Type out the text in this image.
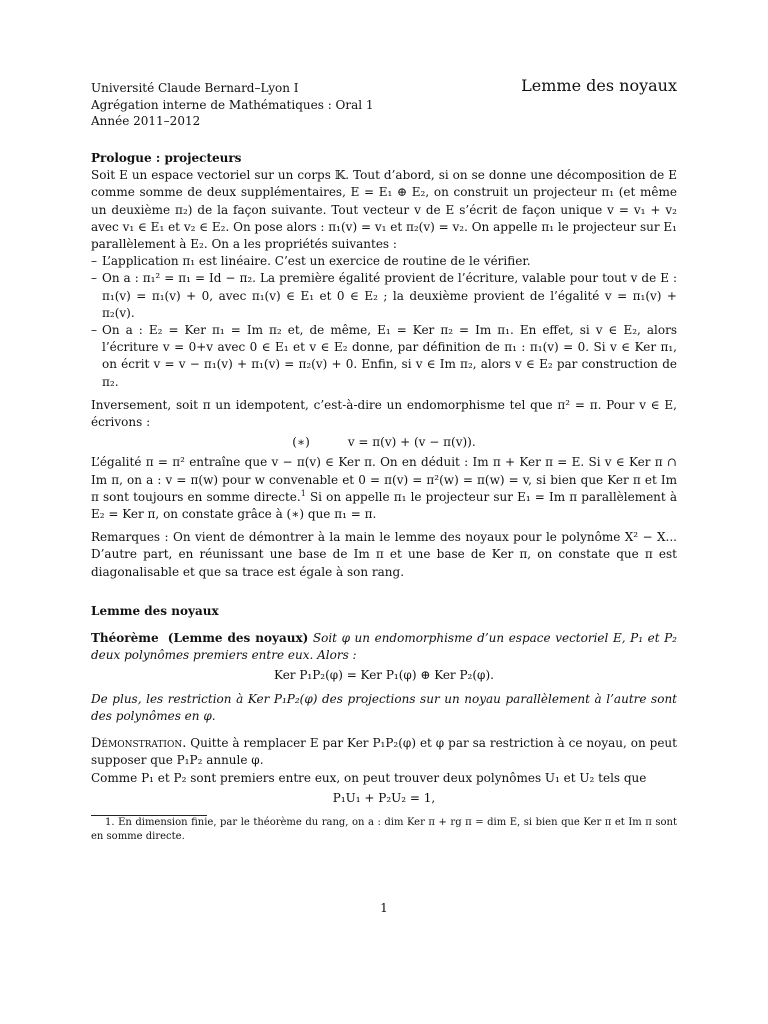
Université Claude Bernard–Lyon I
Agrégation interne de Mathématiques : Oral 1
Année 2011–2012
Lemme des noyaux
Prologue : projecteurs

Soit E un espace vectoriel sur un corps 𝕂. Tout d’abord, si on se donne une décomposition de E comme somme de deux supplémentaires, E = E₁ ⊕ E₂, on construit un projecteur π₁ (et même un deuxième π₂) de la façon suivante. Tout vecteur v de E s’écrit de façon unique v = v₁ + v₂ avec v₁ ∈ E₁ et v₂ ∈ E₂. On pose alors : π₁(v) = v₁ et π₂(v) = v₂. On appelle π₁ le projecteur sur E₁ parallèlement à E₂. On a les propriétés suivantes :

– L’application π₁ est linéaire. C’est un exercice de routine de le vérifier.
– On a : π₁² = π₁ = Id − π₂. La première égalité provient de l’écriture, valable pour tout v de E : π₁(v) = π₁(v) + 0, avec π₁(v) ∈ E₁ et 0 ∈ E₂ ; la deuxième provient de l’égalité v = π₁(v) + π₂(v).
– On a : E₂ = Ker π₁ = Im π₂ et, de même, E₁ = Ker π₂ = Im π₁. En effet, si v ∈ E₂, alors l’écriture v = 0+v avec 0 ∈ E₁ et v ∈ E₂ donne, par définition de π₁ : π₁(v) = 0. Si v ∈ Ker π₁, on écrit v = v − π₁(v) + π₁(v) = π₂(v) + 0. Enfin, si v ∈ Im π₂, alors v ∈ E₂ par construction de π₂.

Inversement, soit π un idempotent, c’est-à-dire un endomorphisme tel que π² = π. Pour v ∈ E, écrivons :

(∗)	v = π(v) + (v − π(v)).

L’égalité π = π² entraîne que v − π(v) ∈ Ker π. On en déduit : Im π + Ker π = E. Si v ∈ Ker π ∩ Im π, on a : v = π(w) pour w convenable et 0 = π(v) = π²(w) = π(w) = v, si bien que Ker π et Im π sont toujours en somme directe.$^1$ Si on appelle π₁ le projecteur sur E₁ = Im π parallèlement à E₂ = Ker π, on constate grâce à (∗) que π₁ = π.

Remarques : On vient de démontrer à la main le lemme des noyaux pour le polynôme X² − X... D’autre part, en réunissant une base de Im π et une base de Ker π, on constate que π est diagonalisable et que sa trace est égale à son rang.

Lemme des noyaux

Théorème (Lemme des noyaux) Soit φ un endomorphisme d’un espace vectoriel E, P₁ et P₂ deux polynômes premiers entre eux. Alors :

Ker P₁P₂(φ) = Ker P₁(φ) ⊕ Ker P₂(φ).

De plus, les restriction à Ker P₁P₂(φ) des projections sur un noyau parallèlement à l’autre sont des polynômes en φ.

Démonstration. Quitte à remplacer E par Ker P₁P₂(φ) et φ par sa restriction à ce noyau, on peut supposer que P₁P₂ annule φ.

Comme P₁ et P₂ sont premiers entre eux, on peut trouver deux polynômes U₁ et U₂ tels que

P₁U₁ + P₂U₂ = 1,

1. En dimension finie, par le théorème du rang, on a : dim Ker π + rg π = dim E, si bien que Ker π et Im π sont en somme directe.

1
